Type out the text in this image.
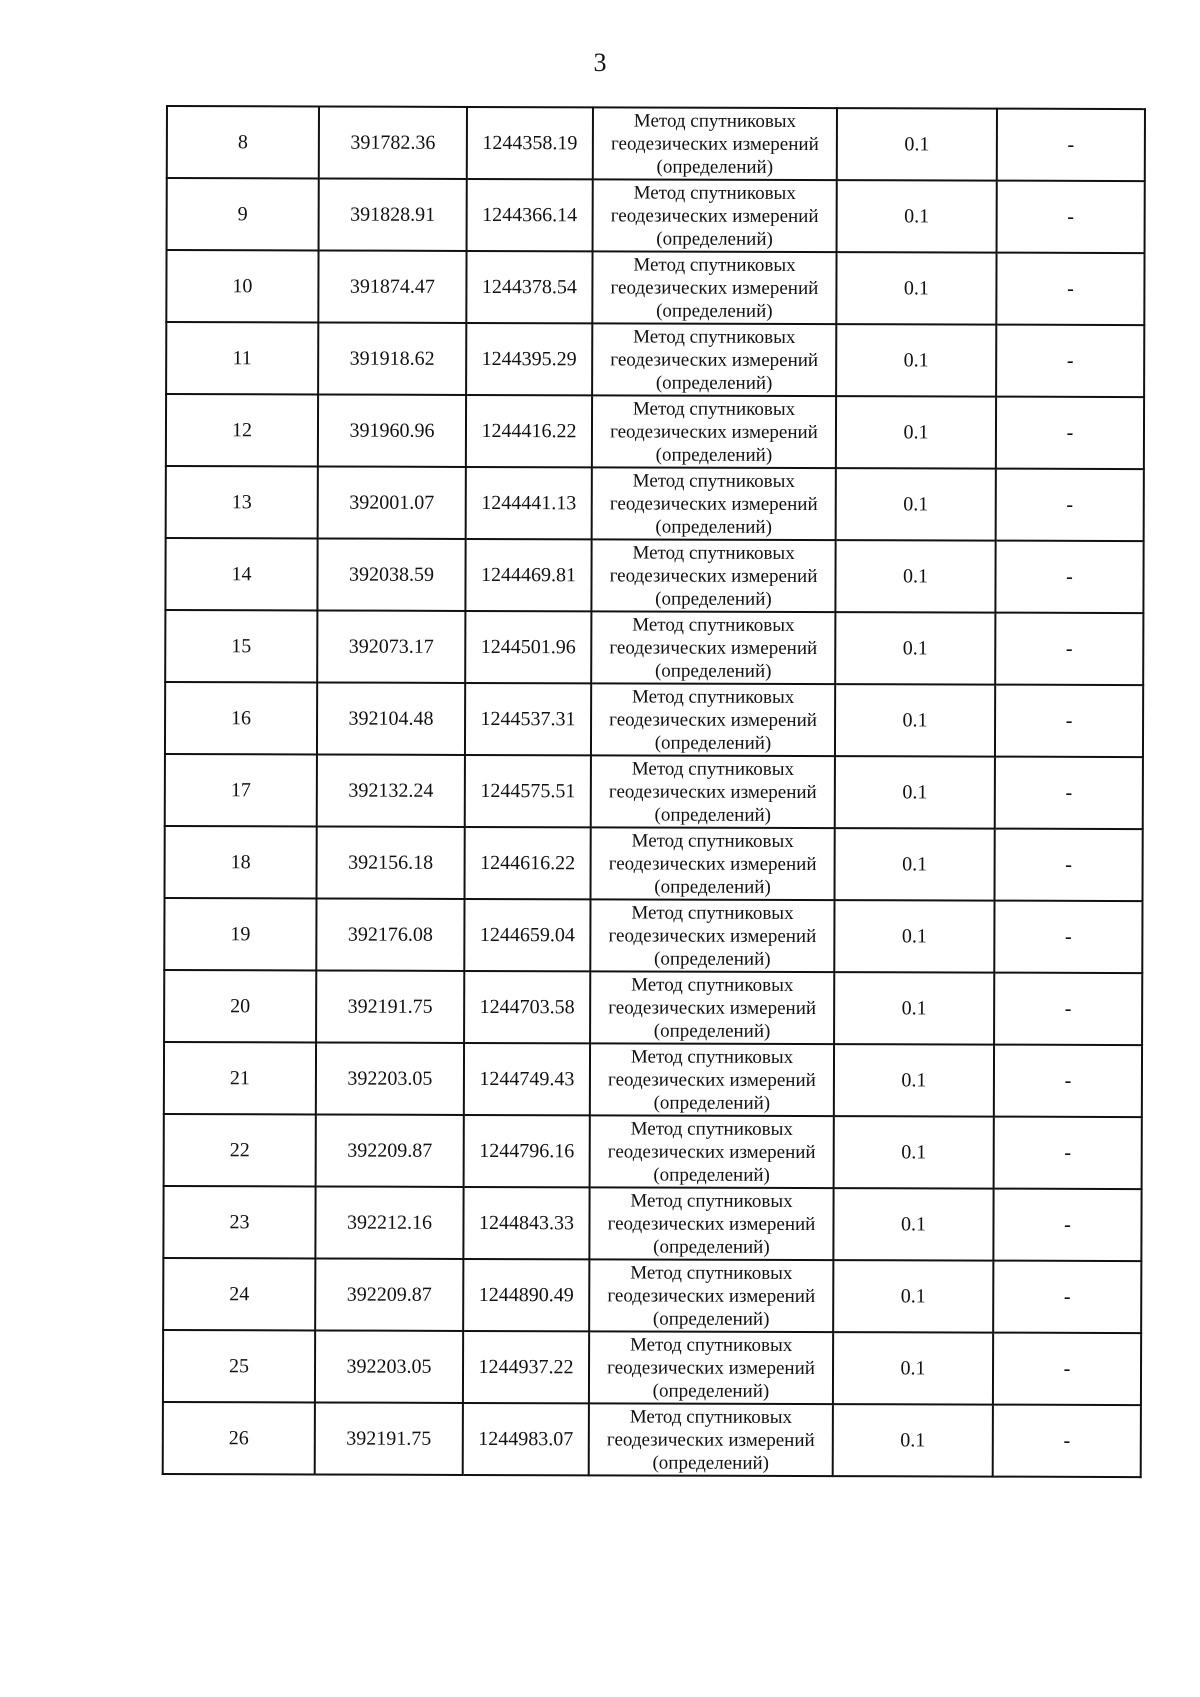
3
8	391782.36	1244358.19	Метод спутниковых
геодезических измерений
(определений)	0.1	-
9	391828.91	1244366.14	Метод спутниковых
геодезических измерений
(определений)	0.1	-
10	391874.47	1244378.54	Метод спутниковых
геодезических измерений
(определений)	0.1	-
11	391918.62	1244395.29	Метод спутниковых
геодезических измерений
(определений)	0.1	-
12	391960.96	1244416.22	Метод спутниковых
геодезических измерений
(определений)	0.1	-
13	392001.07	1244441.13	Метод спутниковых
геодезических измерений
(определений)	0.1	-
14	392038.59	1244469.81	Метод спутниковых
геодезических измерений
(определений)	0.1	-
15	392073.17	1244501.96	Метод спутниковых
геодезических измерений
(определений)	0.1	-
16	392104.48	1244537.31	Метод спутниковых
геодезических измерений
(определений)	0.1	-
17	392132.24	1244575.51	Метод спутниковых
геодезических измерений
(определений)	0.1	-
18	392156.18	1244616.22	Метод спутниковых
геодезических измерений
(определений)	0.1	-
19	392176.08	1244659.04	Метод спутниковых
геодезических измерений
(определений)	0.1	-
20	392191.75	1244703.58	Метод спутниковых
геодезических измерений
(определений)	0.1	-
21	392203.05	1244749.43	Метод спутниковых
геодезических измерений
(определений)	0.1	-
22	392209.87	1244796.16	Метод спутниковых
геодезических измерений
(определений)	0.1	-
23	392212.16	1244843.33	Метод спутниковых
геодезических измерений
(определений)	0.1	-
24	392209.87	1244890.49	Метод спутниковых
геодезических измерений
(определений)	0.1	-
25	392203.05	1244937.22	Метод спутниковых
геодезических измерений
(определений)	0.1	-
26	392191.75	1244983.07	Метод спутниковых
геодезических измерений
(определений)	0.1	-
